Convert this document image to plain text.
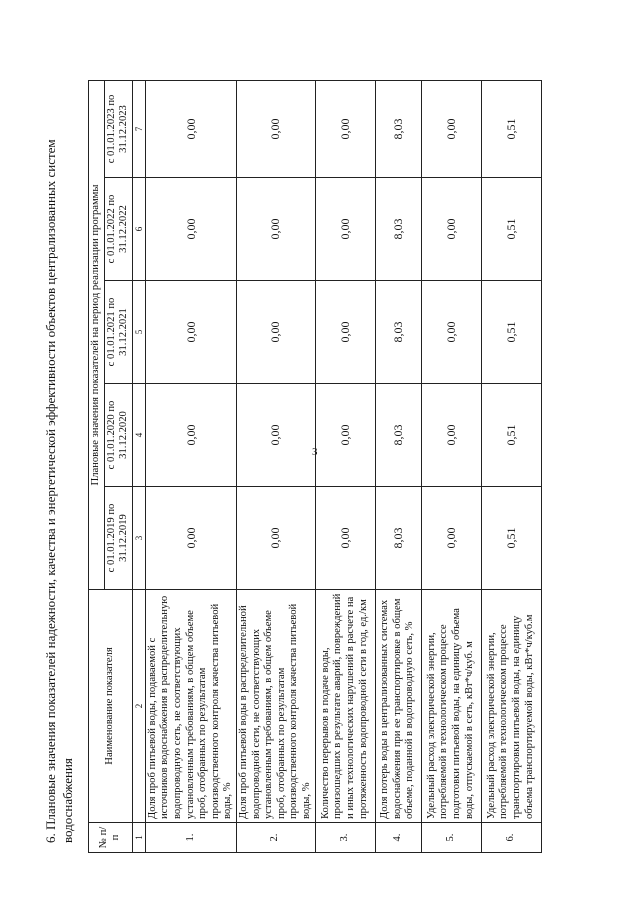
3
6. Плановые значения показателей надежности, качества и энергетической эффективности объектов централизованных систем водоснабжения № п/п	Наименование показателя	Плановые значения показателей на период реализации программы				
		с 01.01.2019 по 31.12.2019	с 01.01.2020 по 31.12.2020	с 01.01.2021 по 31.12.2021	с 01.01.2022 по 31.12.2022	с 01.01.2023 по 31.12.2023
1	2	3	4	5	6	7
1.	Доля проб питьевой воды, подаваемой с источников водоснабжения в распределительную водопроводную сеть, не соответствующих установленным требованиям, в общем объеме проб, отобранных по результатам производственного контроля качества питьевой воды, %	0,00	0,00	0,00	0,00	0,00
2.	Доля проб питьевой воды в распределительной водопроводной сети, не соответствующих установленным требованиям, в общем объеме проб, отобранных по результатам производственного контроля качества питьевой воды, %	0,00	0,00	0,00	0,00	0,00
3.	Количество перерывов в подаче воды, произошедших в результате аварий, повреждений и иных технологических нарушений в расчете на протяженность водопроводной сети в год, ед./км	0,00	0,00	0,00	0,00	0,00
4.	Доля потерь воды в централизованных системах водоснабжения при ее транспортировке в общем объеме, поданной в водопроводную сеть, %	8,03	8,03	8,03	8,03	8,03
5.	Удельный расход электрической энергии, потребляемой в технологическом процессе подготовки питьевой воды, на единицу объема воды, отпускаемой в сеть, кВт*ч/куб. м	0,00	0,00	0,00	0,00	0,00
6.	Удельный расход электрической энергии, потребляемой в технологическом процессе транспортировки питьевой воды, на единицу объема транспортируемой воды, кВт*ч/куб.м	0,51	0,51	0,51	0,51	0,51
